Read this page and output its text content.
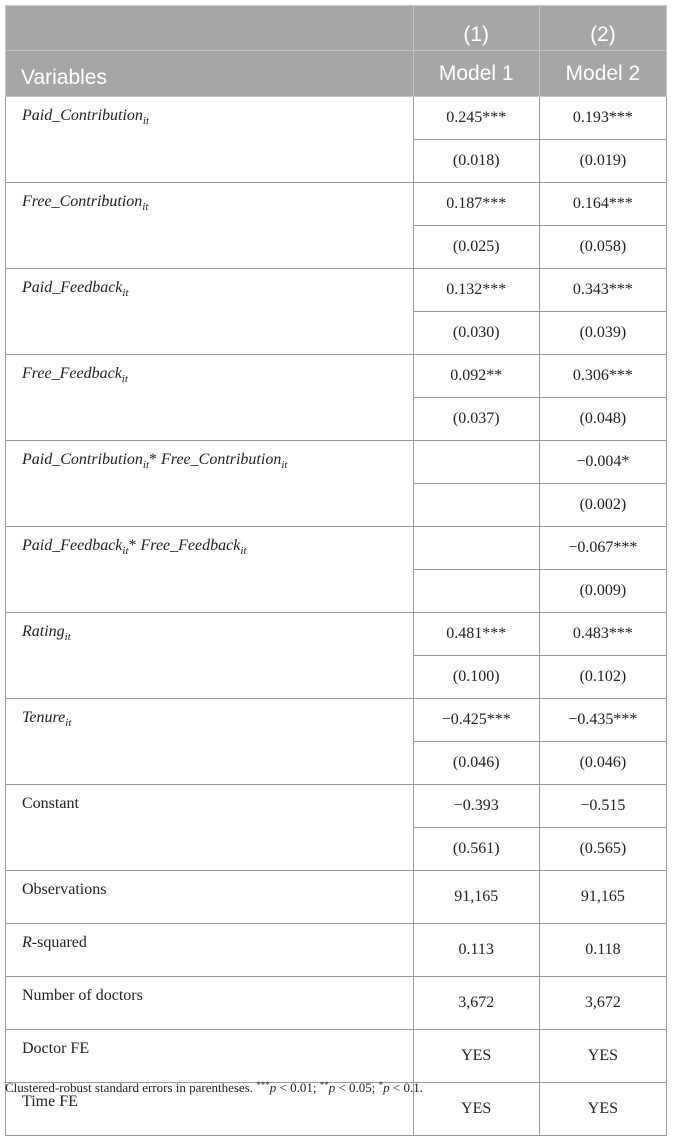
	(1)	(2)
Variables	Model 1	Model 2
Paid_Contribution$_{it}$	0.245***	0.193***
	(0.018)	(0.019)
Free_Contribution$_{it}$	0.187***	0.164***
	(0.025)	(0.058)
Paid_Feedback$_{it}$	0.132***	0.343***
	(0.030)	(0.039)
Free_Feedback$_{it}$	0.092**	0.306***
	(0.037)	(0.048)
Paid_Contribution$_{it}$* Free_Contribution$_{it}$		−0.004*
		(0.002)
Paid_Feedback$_{it}$* Free_Feedback$_{it}$		−0.067***
		(0.009)
Rating$_{it}$	0.481***	0.483***
	(0.100)	(0.102)
Tenure$_{it}$	−0.425***	−0.435***
	(0.046)	(0.046)
Constant	−0.393	−0.515
	(0.561)	(0.565)
Observations	91,165	91,165
R-squared	0.113	0.118
Number of doctors	3,672	3,672
Doctor FE	YES	YES
Time FE	YES	YES
Clustered-robust standard errors in parentheses. ***p < 0.01; **p < 0.05; *p < 0.1.
